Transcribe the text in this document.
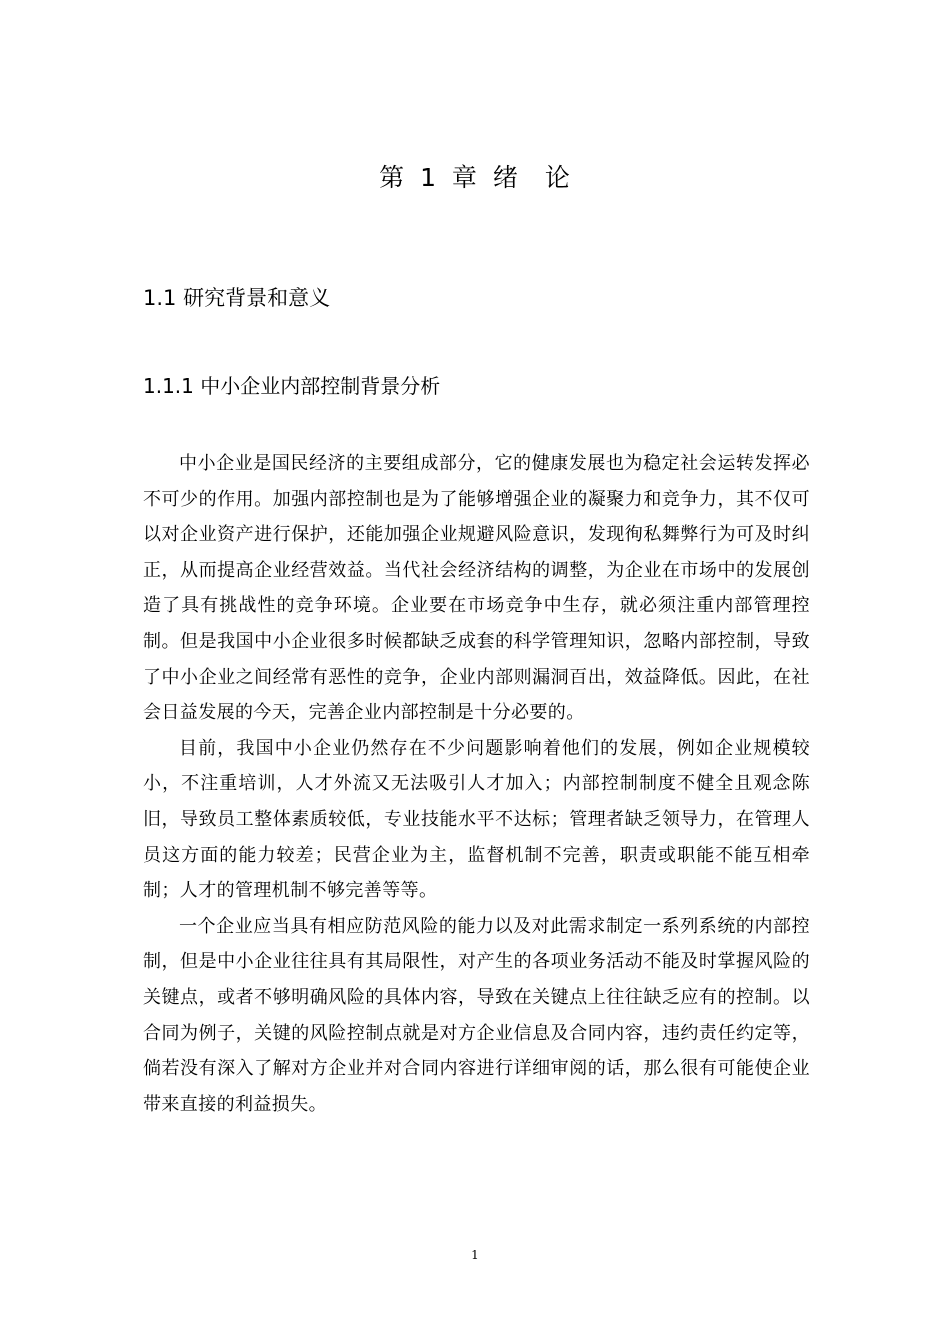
第 1 章 绪　论
1.1 研究背景和意义
1.1.1 中小企业内部控制背景分析

中小企业是国民经济的主要组成部分，它的健康发展也为稳定社会运转发挥必不可少的作用。加强内部控制也是为了能够增强企业的凝聚力和竞争力，其不仅可以对企业资产进行保护，还能加强企业规避风险意识，发现徇私舞弊行为可及时纠正，从而提高企业经营效益。当代社会经济结构的调整，为企业在市场中的发展创造了具有挑战性的竞争环境。企业要在市场竞争中生存，就必须注重内部管理控制。但是我国中小企业很多时候都缺乏成套的科学管理知识，忽略内部控制，导致了中小企业之间经常有恶性的竞争，企业内部则漏洞百出，效益降低。因此，在社会日益发展的今天，完善企业内部控制是十分必要的。

目前，我国中小企业仍然存在不少问题影响着他们的发展，例如企业规模较小，不注重培训，人才外流又无法吸引人才加入；内部控制制度不健全且观念陈旧，导致员工整体素质较低，专业技能水平不达标；管理者缺乏领导力，在管理人员这方面的能力较差；民营企业为主，监督机制不完善，职责或职能不能互相牵制；人才的管理机制不够完善等等。

一个企业应当具有相应防范风险的能力以及对此需求制定一系列系统的内部控制，但是中小企业往往具有其局限性，对产生的各项业务活动不能及时掌握风险的关键点，或者不够明确风险的具体内容，导致在关键点上往往缺乏应有的控制。以合同为例子，关键的风险控制点就是对方企业信息及合同内容，违约责任约定等，倘若没有深入了解对方企业并对合同内容进行详细审阅的话，那么很有可能使企业带来直接的利益损失。

1
